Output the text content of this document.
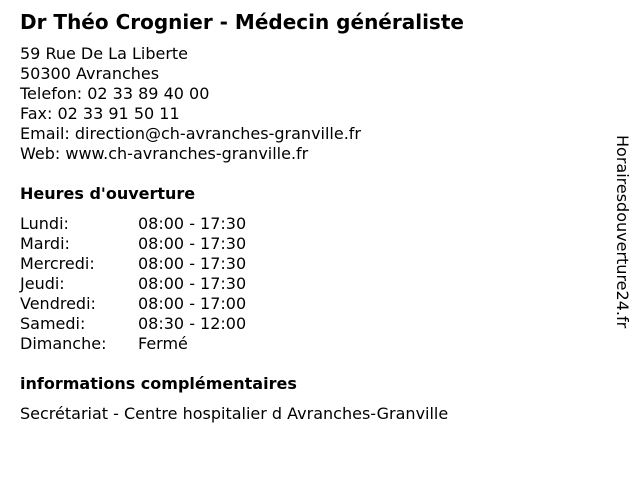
Dr Théo Crognier - Médecin généraliste
59 Rue De La Liberte
50300 Avranches
Telefon: 02 33 89 40 00
Fax: 02 33 91 50 11
Email: direction@ch-avranches-granville.fr
Web: www.ch-avranches-granville.fr
Heures d'ouverture
Lundi:	08:00 - 17:30
Mardi:	08:00 - 17:30
Mercredi:	08:00 - 17:30
Jeudi:	08:00 - 17:30
Vendredi:	08:00 - 17:00
Samedi:	08:30 - 12:00
Dimanche:	Fermé
informations complémentaires
Secrétariat - Centre hospitalier d Avranches-Granville
Horairesdouverture24.fr
